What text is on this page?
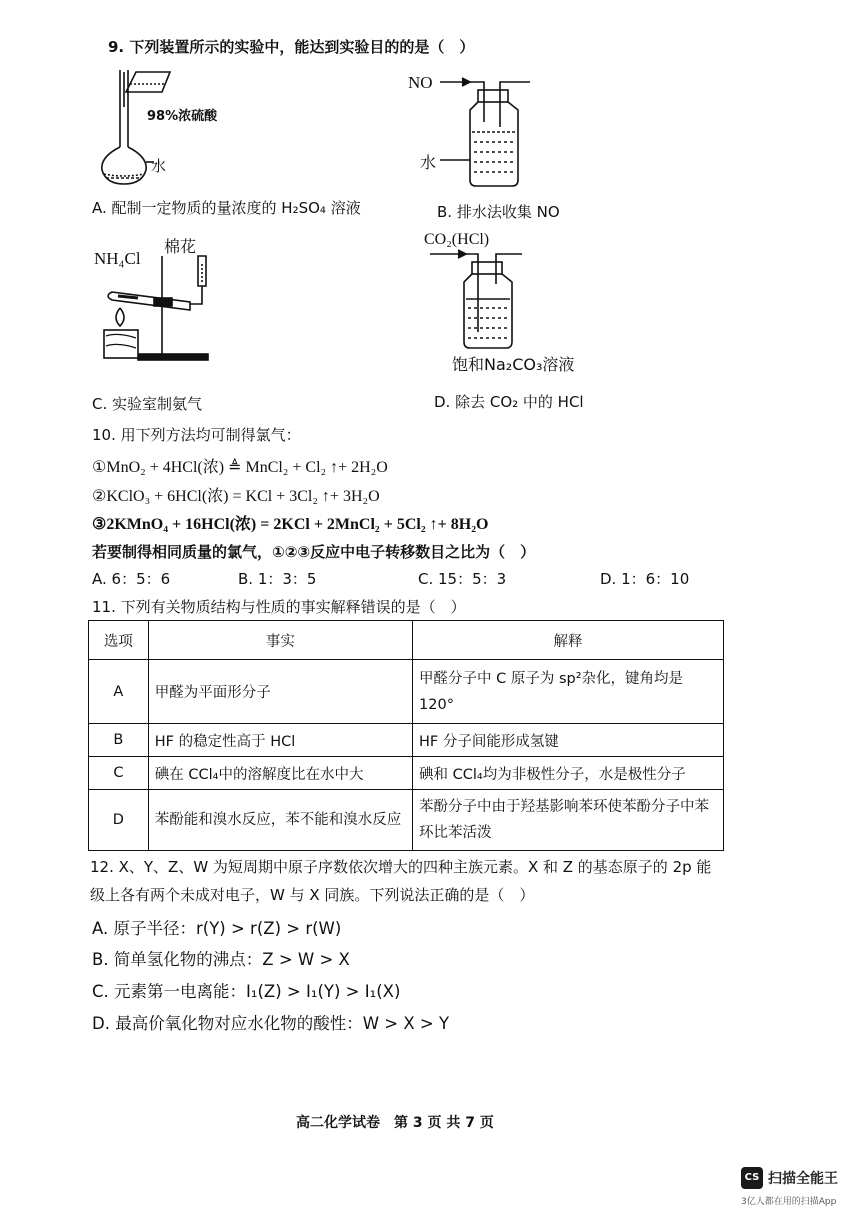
9. 下列装置所示的实验中，能达到实验目的的是（　）
98%浓硫酸
水
A. 配制一定物质的量浓度的 H₂SO₄ 溶液
NO
水
B. 排水法收集 NO
NH₄Cl
棉花
C. 实验室制氨气
CO₂(HCl)
饱和Na₂CO₃溶液
D. 除去 CO₂ 中的 HCl
10. 用下列方法均可制得氯气：
①MnO₂ + 4HCl(浓) ≜ MnCl₂ + Cl₂ ↑+ 2H₂O
②KClO₃ + 6HCl(浓) = KCl + 3Cl₂ ↑+ 3H₂O
③2KMnO₄ + 16HCl(浓) = 2KCl + 2MnCl₂ + 5Cl₂ ↑+ 8H₂O
若要制得相同质量的氯气，①②③反应中电子转移数目之比为（　）
A. 6：5：6	B. 1：3：5	C. 15：5：3	D. 1：6：10
11. 下列有关物质结构与性质的事实解释错误的是（　）
选项	事实	解释
A	甲醛为平面形分子	甲醛分子中 C 原子为 sp²杂化，键角均是120°
B	HF 的稳定性高于 HCl	HF 分子间能形成氢键
C	碘在 CCl₄中的溶解度比在水中大	碘和 CCl₄均为非极性分子，水是极性分子
D	苯酚能和溴水反应，苯不能和溴水反应	苯酚分子中由于羟基影响苯环使苯酚分子中苯环比苯活泼
12. X、Y、Z、W 为短周期中原子序数依次增大的四种主族元素。X 和 Z 的基态原子的 2p 能
级上各有两个未成对电子，W 与 X 同族。下列说法正确的是（　）
A. 原子半径：r(Y) > r(Z) > r(W)
B. 简单氢化物的沸点：Z > W > X
C. 元素第一电离能：I₁(Z) > I₁(Y) > I₁(X)
D. 最高价氧化物对应水化物的酸性：W > X > Y
高二化学试卷　第 3 页 共 7 页
CS 扫描全能王
3亿人都在用的扫描App
